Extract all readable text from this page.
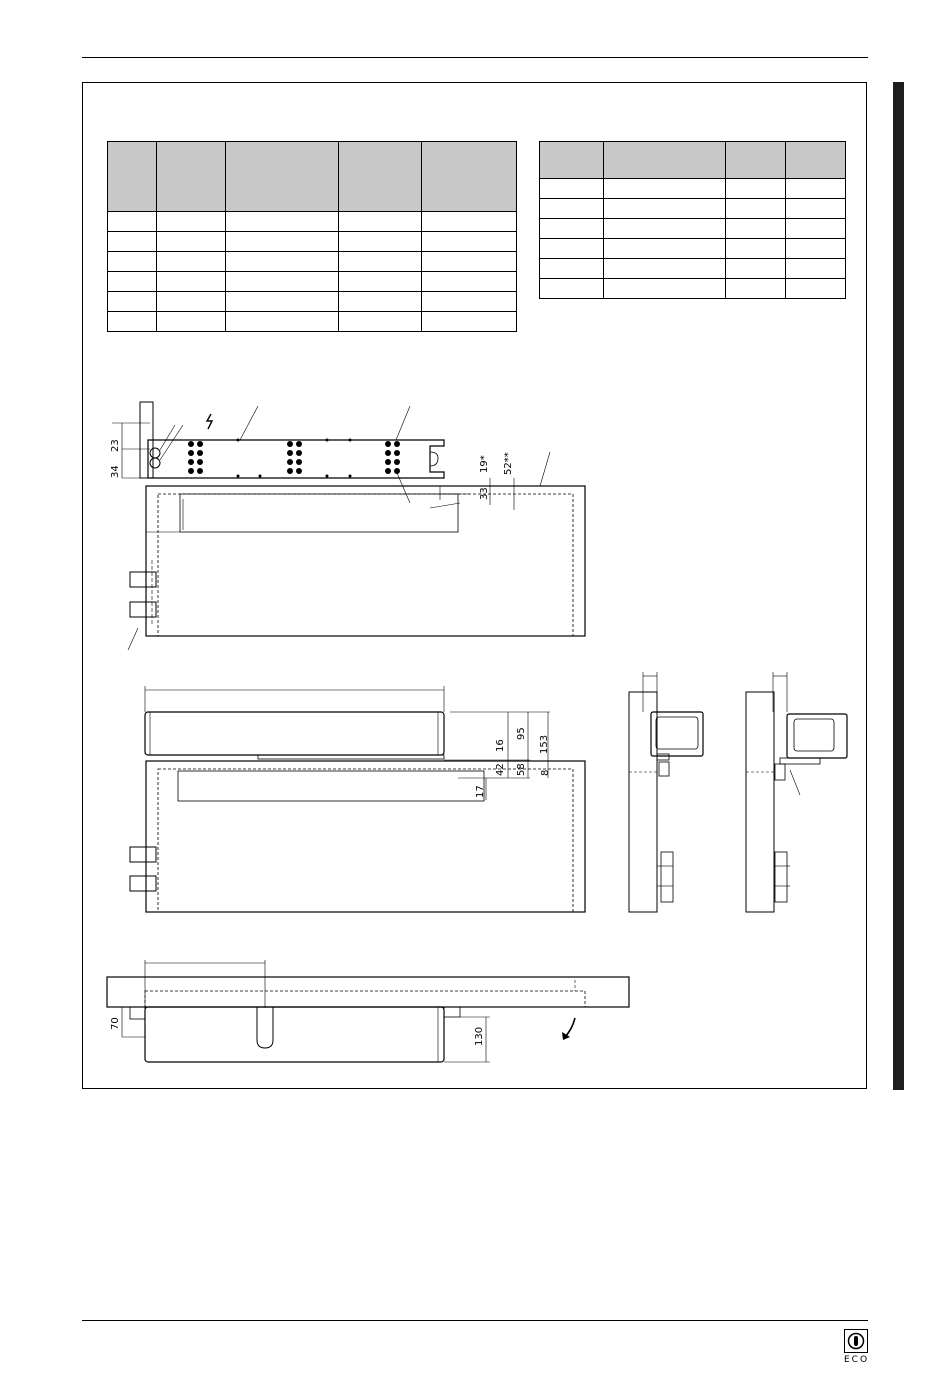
23
34	19* 52**
33
16
95
153
42 58 8
17
70
130
ECO
